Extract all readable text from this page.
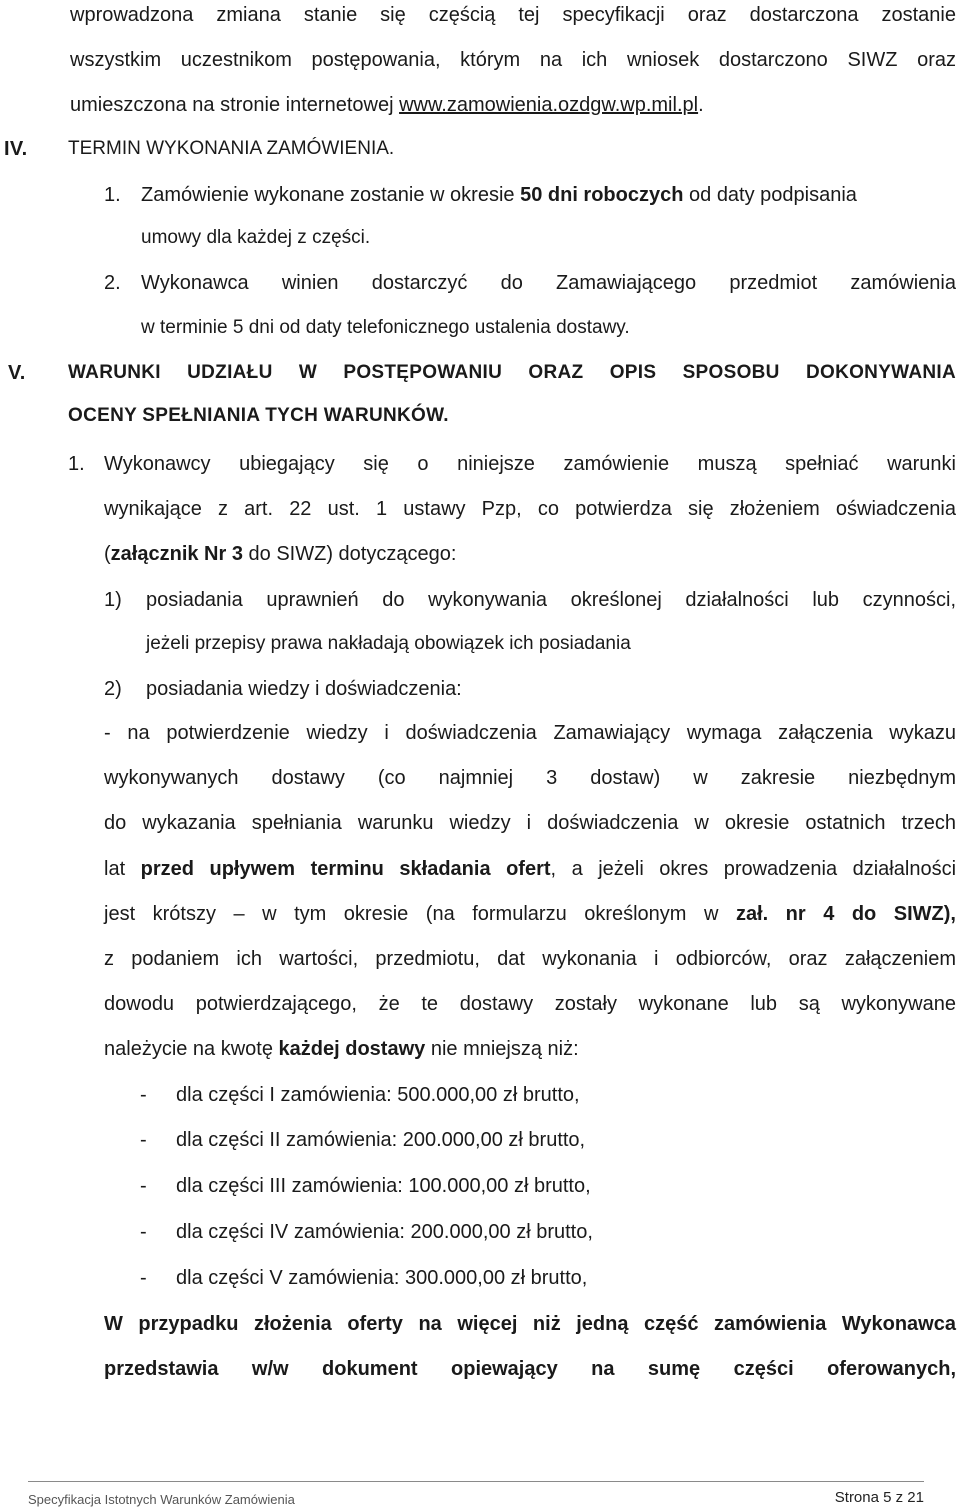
wprowadzona zmiana stanie się częścią tej specyfikacji oraz dostarczona zostanie
wszystkim uczestnikom postępowania, którym na ich wniosek dostarczono SIWZ oraz
umieszczona na stronie internetowej www.zamowienia.ozdgw.wp.mil.pl.
IV. TERMIN WYKONANIA ZAMÓWIENIA.
1. Zamówienie wykonane zostanie w okresie 50 dni roboczych od daty podpisania
umowy dla każdej z części.
2. Wykonawca winien dostarczyć do Zamawiającego przedmiot zamówienia
w terminie 5 dni od daty telefonicznego ustalenia dostawy.
V. WARUNKI UDZIAŁU W POSTĘPOWANIU ORAZ OPIS SPOSOBU DOKONYWANIA
OCENY SPEŁNIANIA TYCH WARUNKÓW.
1. Wykonawcy ubiegający się o niniejsze zamówienie muszą spełniać warunki
wynikające z art. 22 ust. 1 ustawy Pzp, co potwierdza się złożeniem oświadczenia
(załącznik Nr 3 do SIWZ) dotyczącego:
1) posiadania uprawnień do wykonywania określonej działalności lub czynności,
jeżeli przepisy prawa nakładają obowiązek ich posiadania
2) posiadania wiedzy i doświadczenia:
- na potwierdzenie wiedzy i doświadczenia Zamawiający wymaga załączenia wykazu
wykonywanych dostawy (co najmniej 3 dostaw) w zakresie niezbędnym
do wykazania spełniania warunku wiedzy i doświadczenia w okresie ostatnich trzech
lat przed upływem terminu składania ofert, a jeżeli okres prowadzenia działalności
jest krótszy – w tym okresie (na formularzu określonym w zał. nr 4 do SIWZ),
z podaniem ich wartości, przedmiotu, dat wykonania i odbiorców, oraz załączeniem
dowodu potwierdzającego, że te dostawy zostały wykonane lub są wykonywane
należycie na kwotę każdej dostawy nie mniejszą niż:
- dla części I zamówienia: 500.000,00 zł brutto,
- dla części II zamówienia: 200.000,00 zł brutto,
- dla części III zamówienia: 100.000,00 zł brutto,
- dla części IV zamówienia: 200.000,00 zł brutto,
- dla części V zamówienia: 300.000,00 zł brutto,
W przypadku złożenia oferty na więcej niż jedną część zamówienia Wykonawca
przedstawia w/w dokument opiewający na sumę części oferowanych,
Specyfikacja Istotnych Warunków Zamówienia	Strona 5 z 21
